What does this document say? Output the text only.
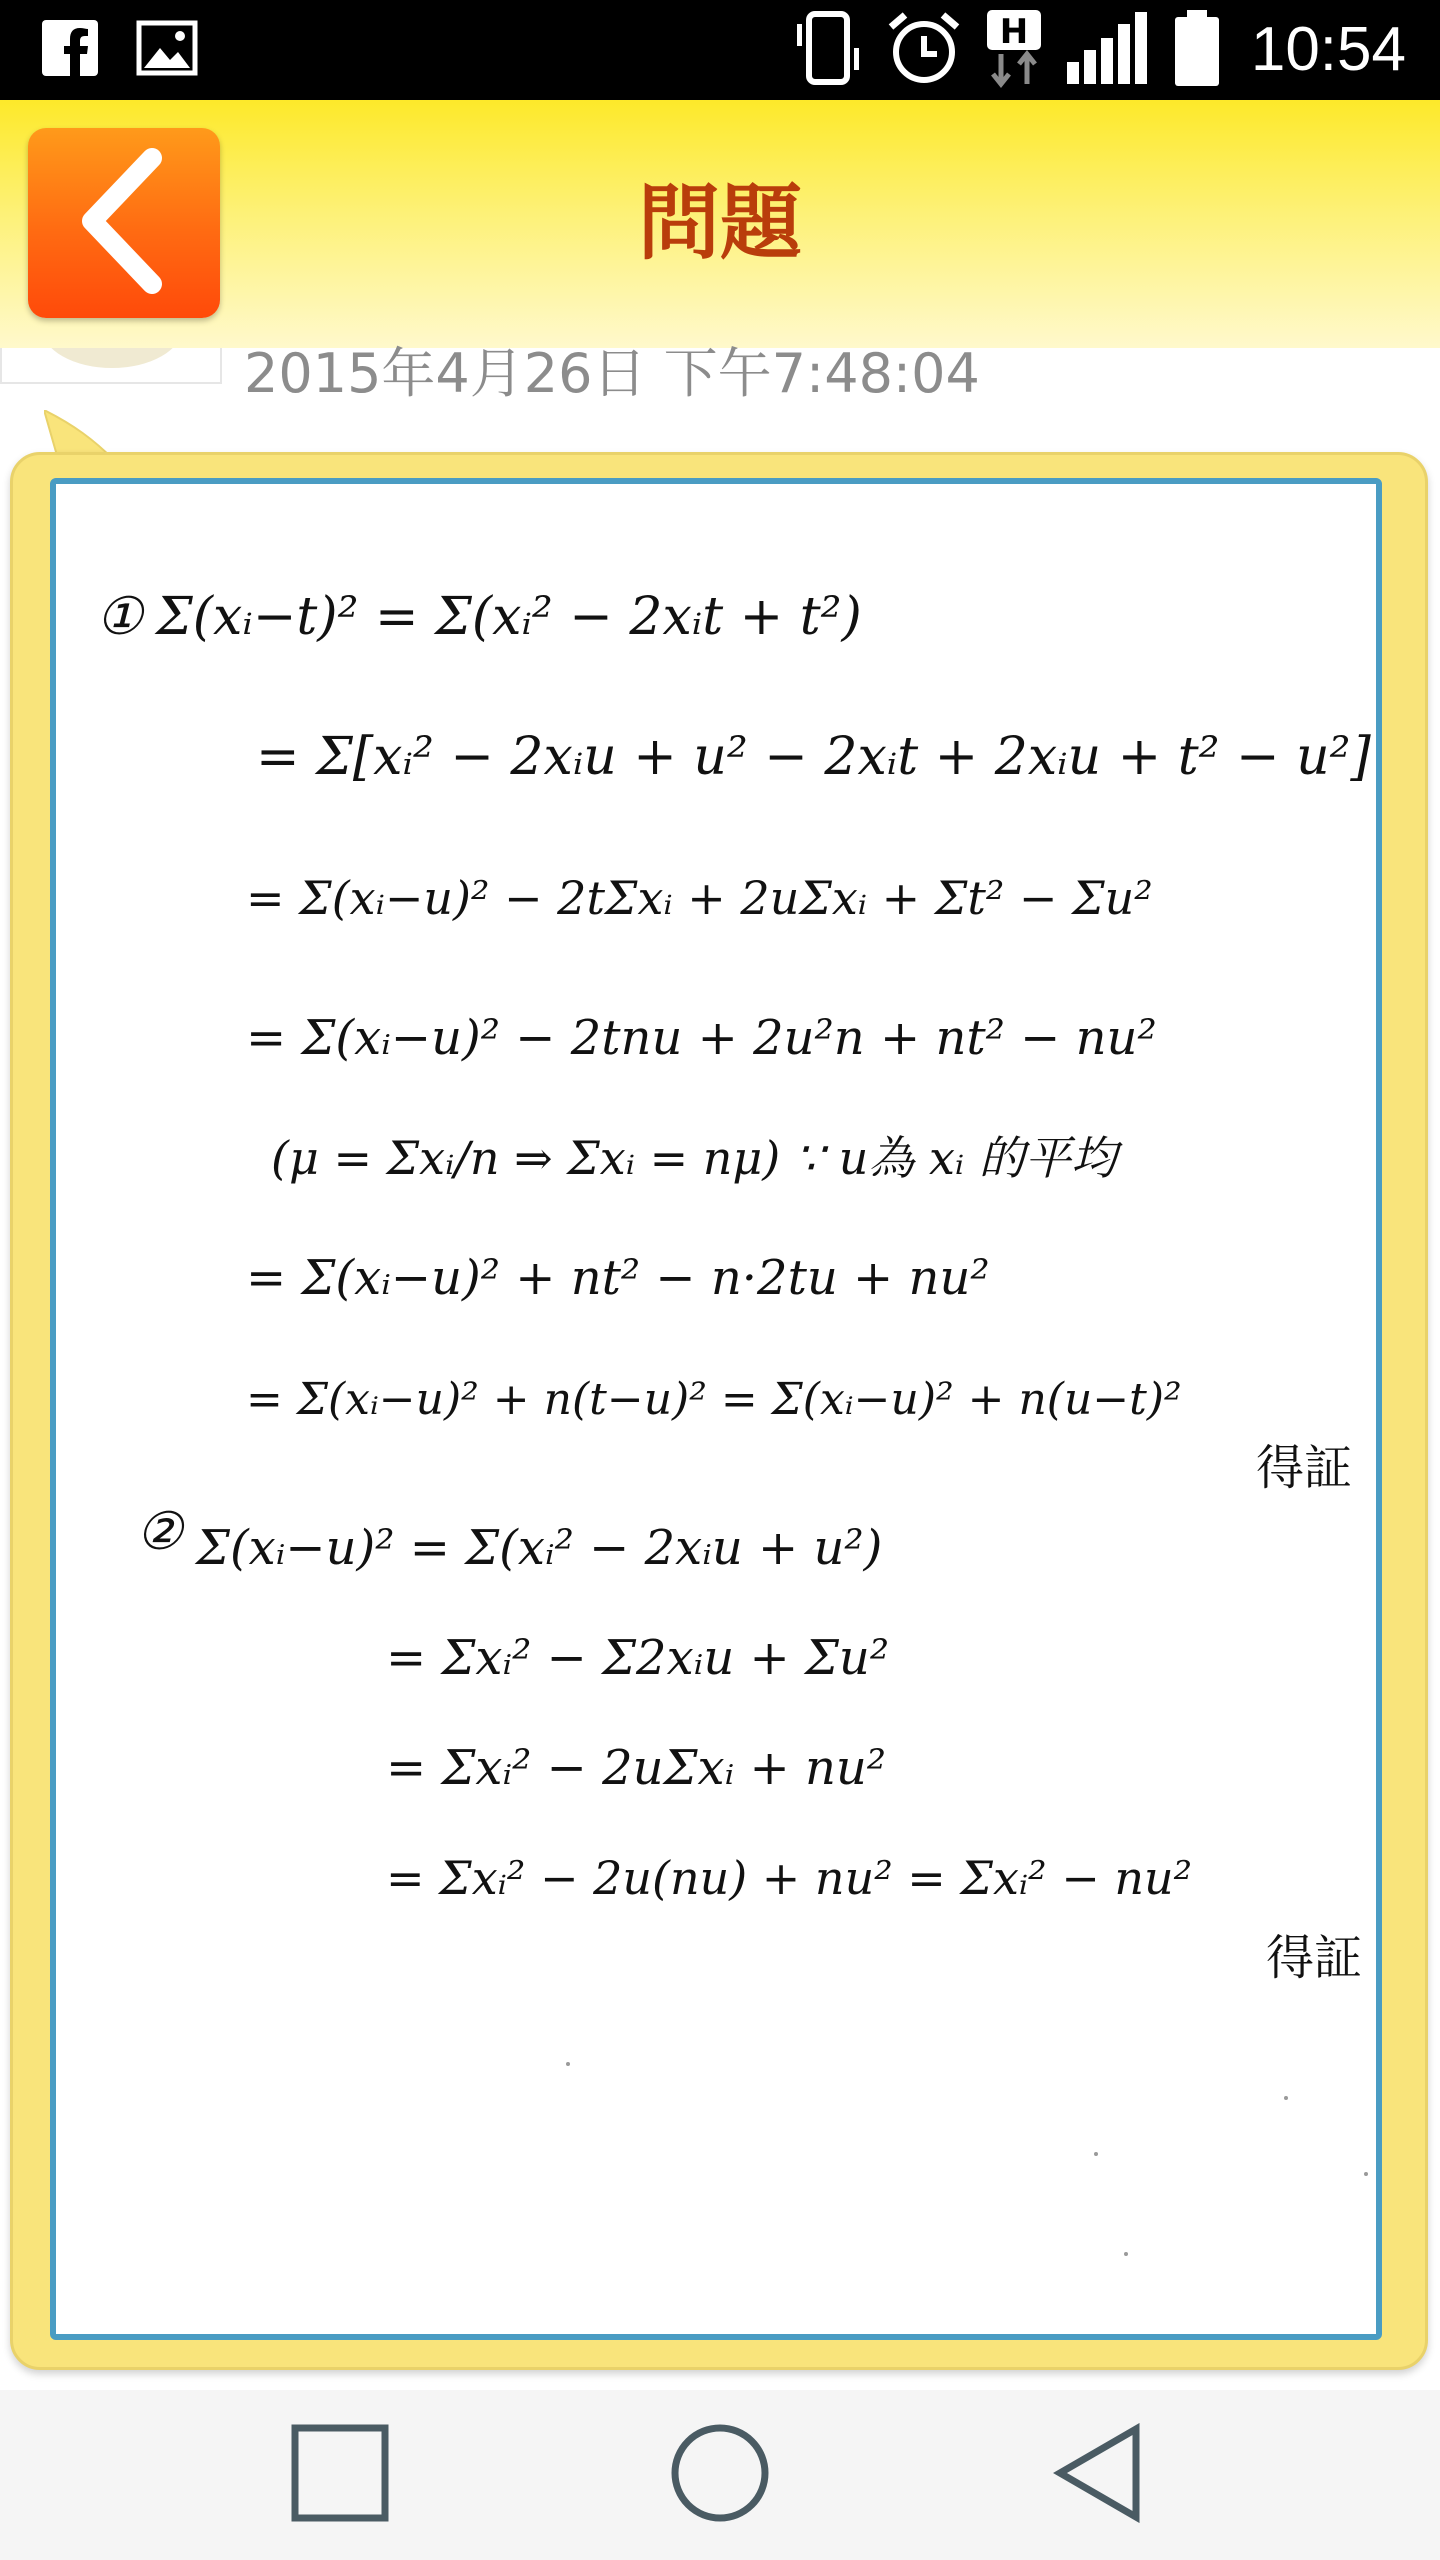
H	10:54
問題
2015年4月26日 下午7:48:04
① Σ(xᵢ−t)² = Σ(xᵢ² − 2xᵢt + t²)
= Σ[xᵢ² − 2xᵢu + u² − 2xᵢt + 2xᵢu + t² − u²]
= Σ(xᵢ−u)² − 2tΣxᵢ + 2uΣxᵢ + Σt² − Σu²
= Σ(xᵢ−u)² − 2tnu + 2u²n + nt² − nu²
(μ = Σxᵢ/n ⇒ Σxᵢ = nμ) ∵ u為 xᵢ 的平均
= Σ(xᵢ−u)² + nt² − n·2tu + nu²
= Σ(xᵢ−u)² + n(t−u)² = Σ(xᵢ−u)² + n(u−t)²
得証
② Σ(xᵢ−u)² = Σ(xᵢ² − 2xᵢu + u²)
= Σxᵢ² − Σ2xᵢu + Σu²
= Σxᵢ² − 2uΣxᵢ + nu²
= Σxᵢ² − 2u(nu) + nu² = Σxᵢ² − nu²
得証
